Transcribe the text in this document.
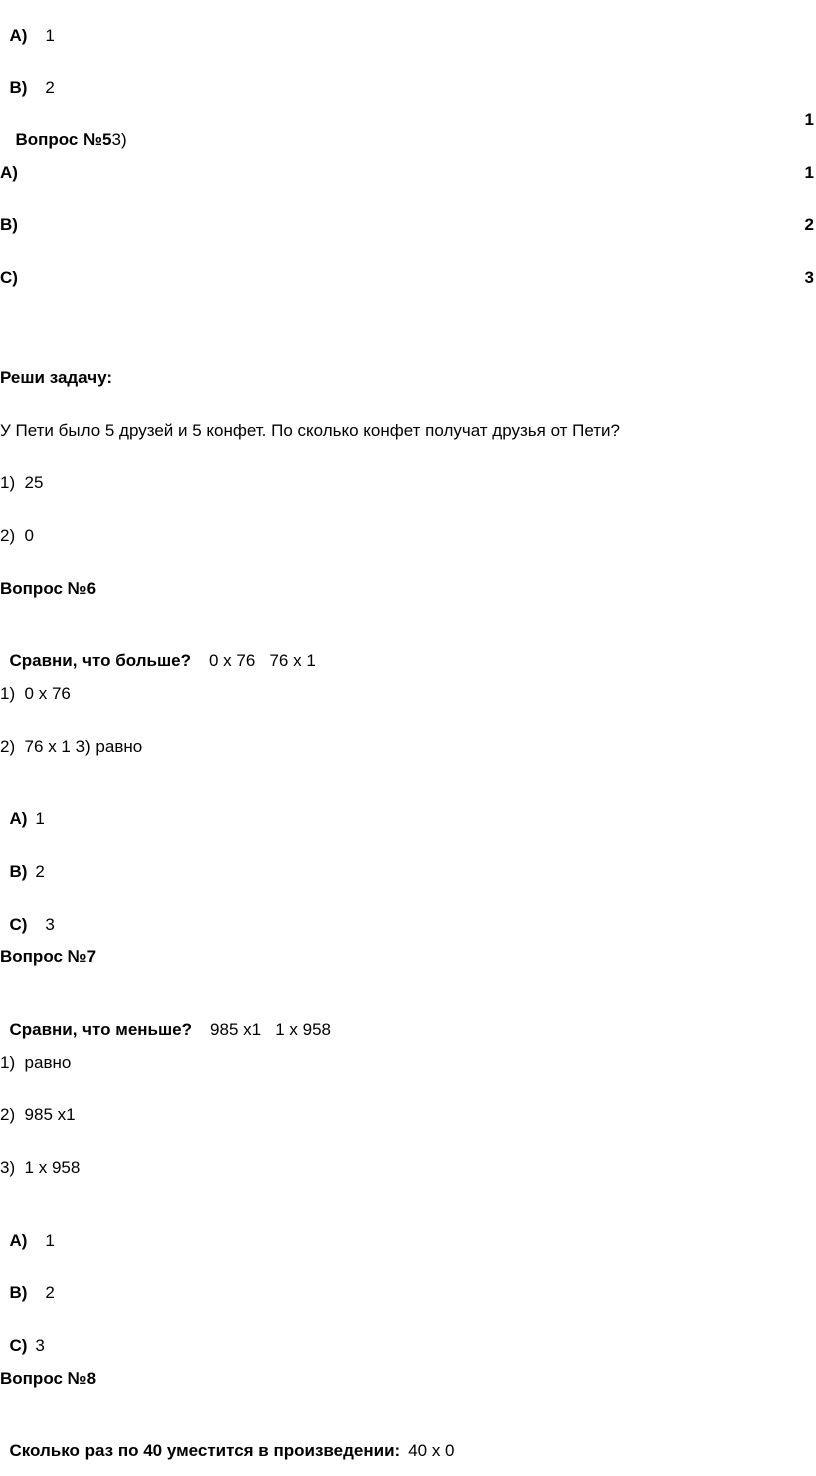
A) 1

B) 2

Вопрос №53)

1
A)	1
B)	2
C)	3
Реши задачу:
У Пети было 5 друзей и 5 конфет. По сколько конфет получат друзья от Пети?
1)  25
2)  0
Вопрос №6

Сравни, что больше? 0 x 76   76 x 1

1)  0 x 76
2)  76 x 1 3) равно

A) 1

B) 2

C) 3

Вопрос №7

Сравни, что меньше? 985 x1   1 x 958

1)  равно
2)  985 x1
3)  1 x 958

A) 1

B) 2

C) 3

Вопрос №8

Сколько раз по 40 уместится в произведении: 40 x 0
